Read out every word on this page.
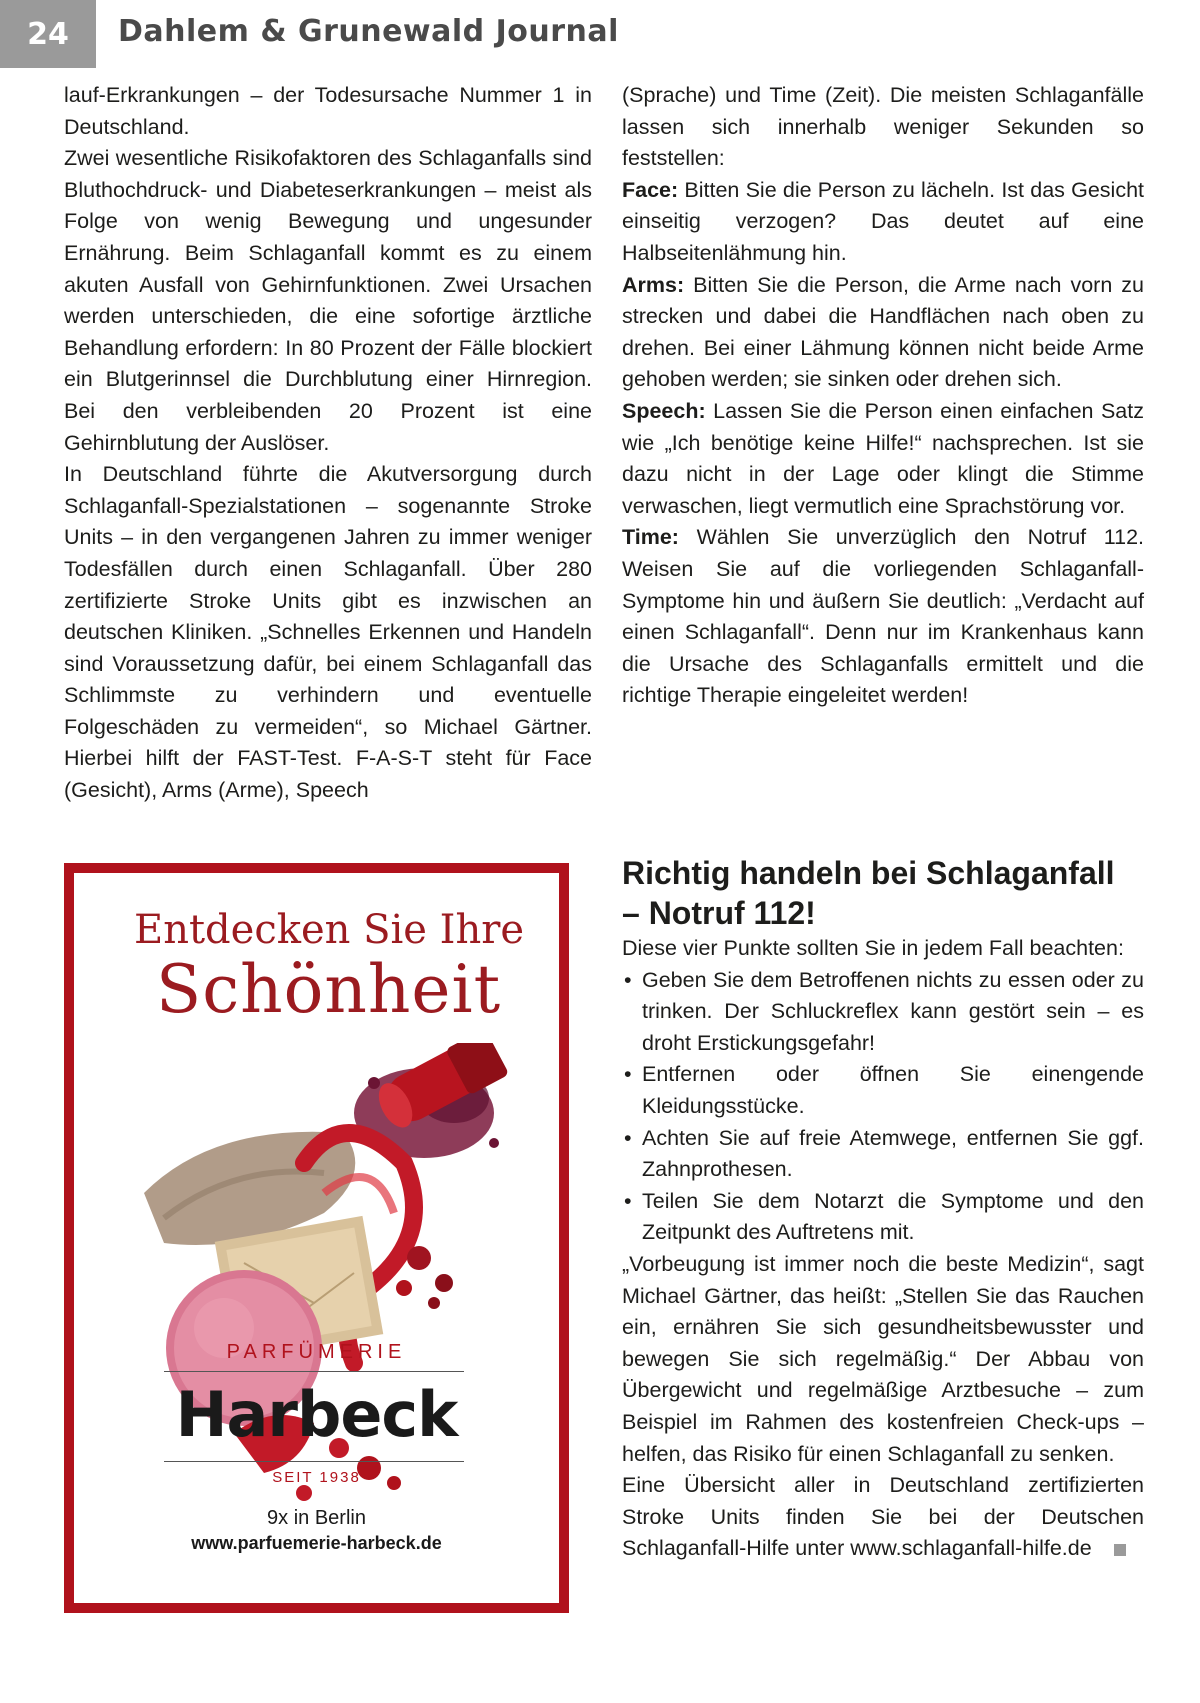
24	Dahlem & Grunewald Journal

lauf-Erkrankungen – der Todesursache Nummer 1 in Deutschland.

Zwei wesentliche Risikofaktoren des Schlaganfalls sind Bluthochdruck- und Diabeteserkrankungen – meist als Folge von wenig Bewegung und ungesunder Ernährung. Beim Schlaganfall kommt es zu einem akuten Ausfall von Gehirnfunktionen. Zwei Ursachen werden unterschieden, die eine sofortige ärztliche Behandlung erfordern: In 80 Prozent der Fälle blockiert ein Blutgerinnsel die Durchblutung einer Hirnregion. Bei den verbleibenden 20 Prozent ist eine Gehirnblutung der Auslöser.

In Deutschland führte die Akutversorgung durch Schlaganfall-Spezialstationen – sogenannte Stroke Units – in den vergangenen Jahren zu immer weniger Todesfällen durch einen Schlaganfall. Über 280 zertifizierte Stroke Units gibt es inzwischen an deutschen Kliniken. „Schnelles Erkennen und Handeln sind Voraussetzung dafür, bei einem Schlaganfall das Schlimmste zu verhindern und eventuelle Folgeschäden zu vermeiden“, so Michael Gärtner. Hierbei hilft der FAST-Test. F-A-S-T steht für Face (Gesicht), Arms (Arme), Speech

Entdecken Sie Ihre
Schönheit
PARFÜMERIE
Harbeck
SEIT 1938
9x in Berlin
www.parfuemerie-harbeck.de

(Sprache) und Time (Zeit). Die meisten Schlaganfälle lassen sich innerhalb weniger Sekunden so feststellen:

Face: Bitten Sie die Person zu lächeln. Ist das Gesicht einseitig verzogen? Das deutet auf eine Halbseitenlähmung hin.

Arms: Bitten Sie die Person, die Arme nach vorn zu strecken und dabei die Handflächen nach oben zu drehen. Bei einer Lähmung können nicht beide Arme gehoben werden; sie sinken oder drehen sich.

Speech: Lassen Sie die Person einen einfachen Satz wie „Ich benötige keine Hilfe!“ nachsprechen. Ist sie dazu nicht in der Lage oder klingt die Stimme verwaschen, liegt vermutlich eine Sprachstörung vor.

Time: Wählen Sie unverzüglich den Notruf 112. Weisen Sie auf die vorliegenden Schlaganfall-Symptome hin und äußern Sie deutlich: „Verdacht auf einen Schlaganfall“. Denn nur im Krankenhaus kann die Ursache des Schlaganfalls ermittelt und die richtige Therapie eingeleitet werden!

Richtig handeln bei Schlaganfall – Notruf 112!

Diese vier Punkte sollten Sie in jedem Fall beachten:

• Geben Sie dem Betroffenen nichts zu essen oder zu trinken. Der Schluckreflex kann gestört sein – es droht Erstickungsgefahr!
• Entfernen oder öffnen Sie einengende Kleidungsstücke.
• Achten Sie auf freie Atemwege, entfernen Sie ggf. Zahnprothesen.
• Teilen Sie dem Notarzt die Symptome und den Zeitpunkt des Auftretens mit.

„Vorbeugung ist immer noch die beste Medizin“, sagt Michael Gärtner, das heißt: „Stellen Sie das Rauchen ein, ernähren Sie sich gesundheitsbewusster und bewegen Sie sich regelmäßig.“ Der Abbau von Übergewicht und regelmäßige Arztbesuche – zum Beispiel im Rahmen des kostenfreien Check-ups – helfen, das Risiko für einen Schlaganfall zu senken.

Eine Übersicht aller in Deutschland zertifizierten Stroke Units finden Sie bei der Deutschen Schlaganfall-Hilfe unter www.schlaganfall-hilfe.de
